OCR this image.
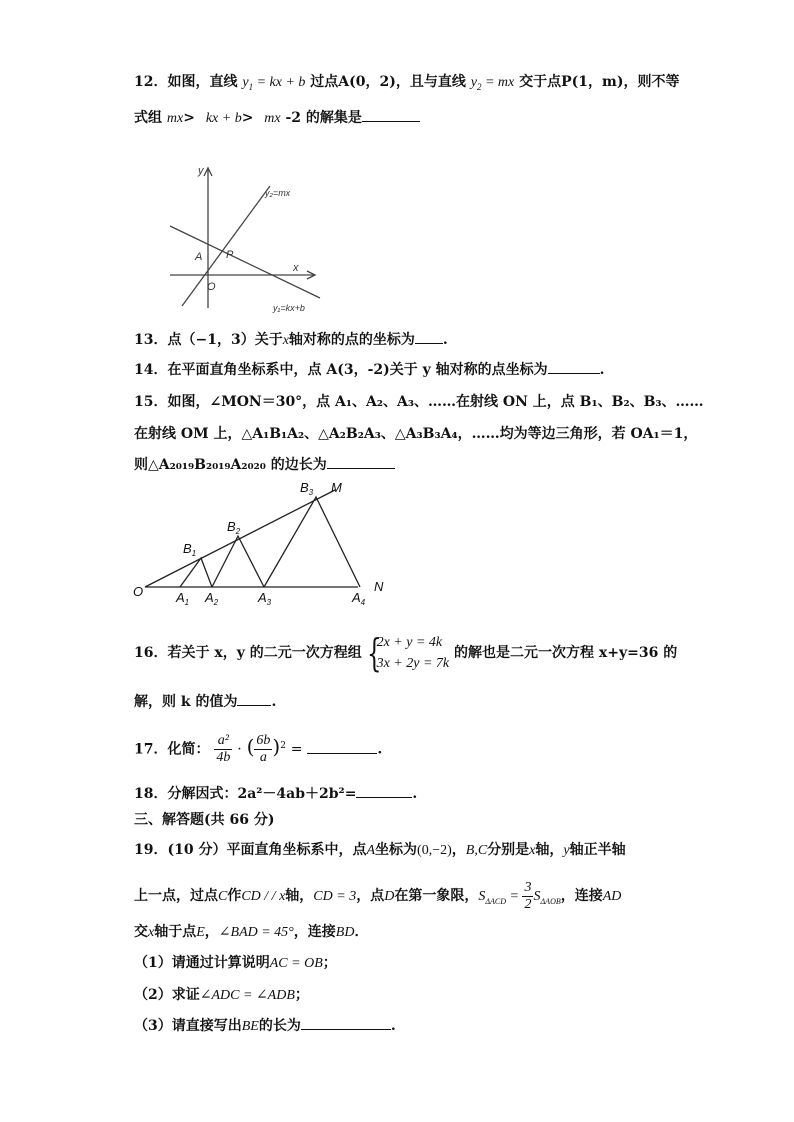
12．如图，直线 $y_1$ = kx + b 过点A(0，2)，且与直线 $y_2$ = mx 交于点P(1，m)，则不等
式组 mx> kx + b> mx -2 的解集是
y
x
O
A P
y₂=mx
y₁=kx+b
13．点（−1，3）关于x轴对称的点的坐标为 .
14．在平面直角坐标系中，点 A(3，-2)关于 y 轴对称的点坐标为	.
15．如图，∠MON＝30°，点 A₁、A₂、A₃、……在射线 ON 上，点 B₁、B₂、B₃、……
在射线 OM 上，△A₁B₁A₂、△A₂B₂A₃、△A₃B₃A₄，……均为等边三角形，若 OA₁＝1，
则△A₂₀₁₉B₂₀₁₉A₂₀₂₀ 的边长为
O
M
N
$A_1$ $A_2$	$A_3$	$A_4$
$B_1$
$B_2$
$B_3$
16．若关于 x，y 的二元一次方程组 {
2x + y = 4k
3x + 2y = 7k
的解也是二元一次方程 x+y=36 的
解，则 k 的值为 .
17．化简： $\frac{\text{a²}}{4b}$ · ( $\frac{6b}{a} )^2$ =	.
18．分解因式：2a²－4ab＋2b²=	.
三、解答题(共 66 分)
19．(10 分）平面直角坐标系中，点A坐标为(0,−2)，B,C分别是x轴，y轴正半轴
上一点，过点C作CD / / x轴，CD = 3，点D在第一象限，$S_{\Delta ACD} = \frac{3}{2} S_{\Delta AOB}$，连接AD
交x轴于点E，∠BAD = 45°，连接BD．
（1）请通过计算说明AC = OB；
（2）求证∠ADC = ∠ADB；
（3）请直接写出BE的长为	.
